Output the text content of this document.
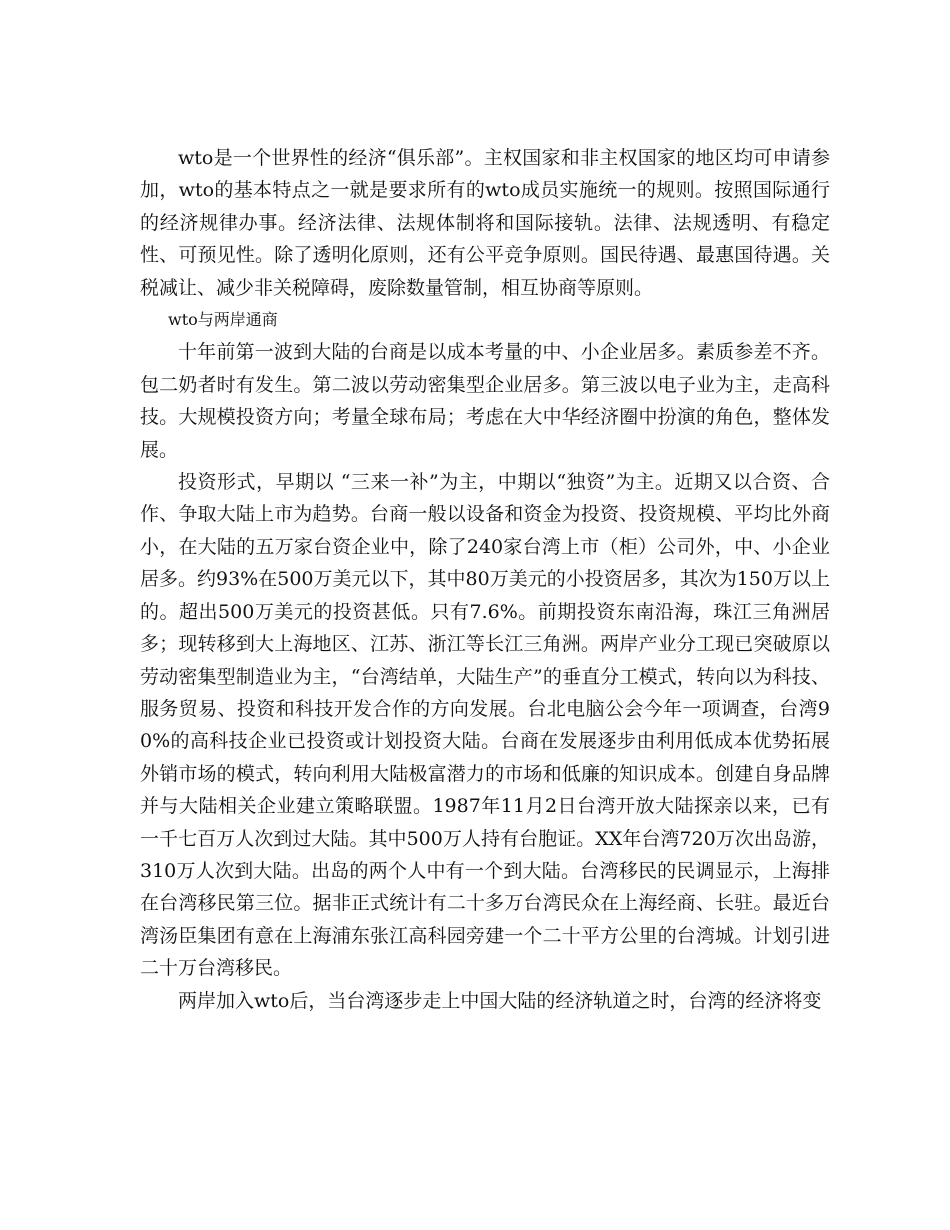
wto是一个世界性的经济“俱乐部”。主权国家和非主权国家的地区均可申请参加，wto的基本特点之一就是要求所有的wto成员实施统一的规则。按照国际通行的经济规律办事。经济法律、法规体制将和国际接轨。法律、法规透明、有稳定性、可预见性。除了透明化原则，还有公平竞争原则。国民待遇、最惠国待遇。关税减让、减少非关税障碍，废除数量管制，相互协商等原则。

wto与两岸通商

十年前第一波到大陆的台商是以成本考量的中、小企业居多。素质参差不齐。包二奶者时有发生。第二波以劳动密集型企业居多。第三波以电子业为主，走高科技。大规模投资方向；考量全球布局；考虑在大中华经济圈中扮演的角色，整体发展。

投资形式，早期以 “三来一补”为主，中期以“独资”为主。近期又以合资、合作、争取大陆上市为趋势。台商一般以设备和资金为投资、投资规模、平均比外商小，在大陆的五万家台资企业中，除了240家台湾上市（柜）公司外，中、小企业居多。约93%在500万美元以下，其中80万美元的小投资居多，其次为150万以上的。超出500万美元的投资甚低。只有7.6%。前期投资东南沿海，珠江三角洲居多；现转移到大上海地区、江苏、浙江等长江三角洲。两岸产业分工现已突破原以劳动密集型制造业为主，“台湾结单，大陆生产”的垂直分工模式，转向以为科技、服务贸易、投资和科技开发合作的方向发展。台北电脑公会今年一项调查，台湾90%的高科技企业已投资或计划投资大陆。台商在发展逐步由利用低成本优势拓展外销市场的模式，转向利用大陆极富潜力的市场和低廉的知识成本。创建自身品牌并与大陆相关企业建立策略联盟。1987年11月2日台湾开放大陆探亲以来，已有一千七百万人次到过大陆。其中500万人持有台胞证。XX年台湾720万次出岛游，310万人次到大陆。出岛的两个人中有一个到大陆。台湾移民的民调显示，上海排在台湾移民第三位。据非正式统计有二十多万台湾民众在上海经商、长驻。最近台湾汤臣集团有意在上海浦东张江高科园旁建一个二十平方公里的台湾城。计划引进二十万台湾移民。

两岸加入wto后，当台湾逐步走上中国大陆的经济轨道之时，台湾的经济将变
